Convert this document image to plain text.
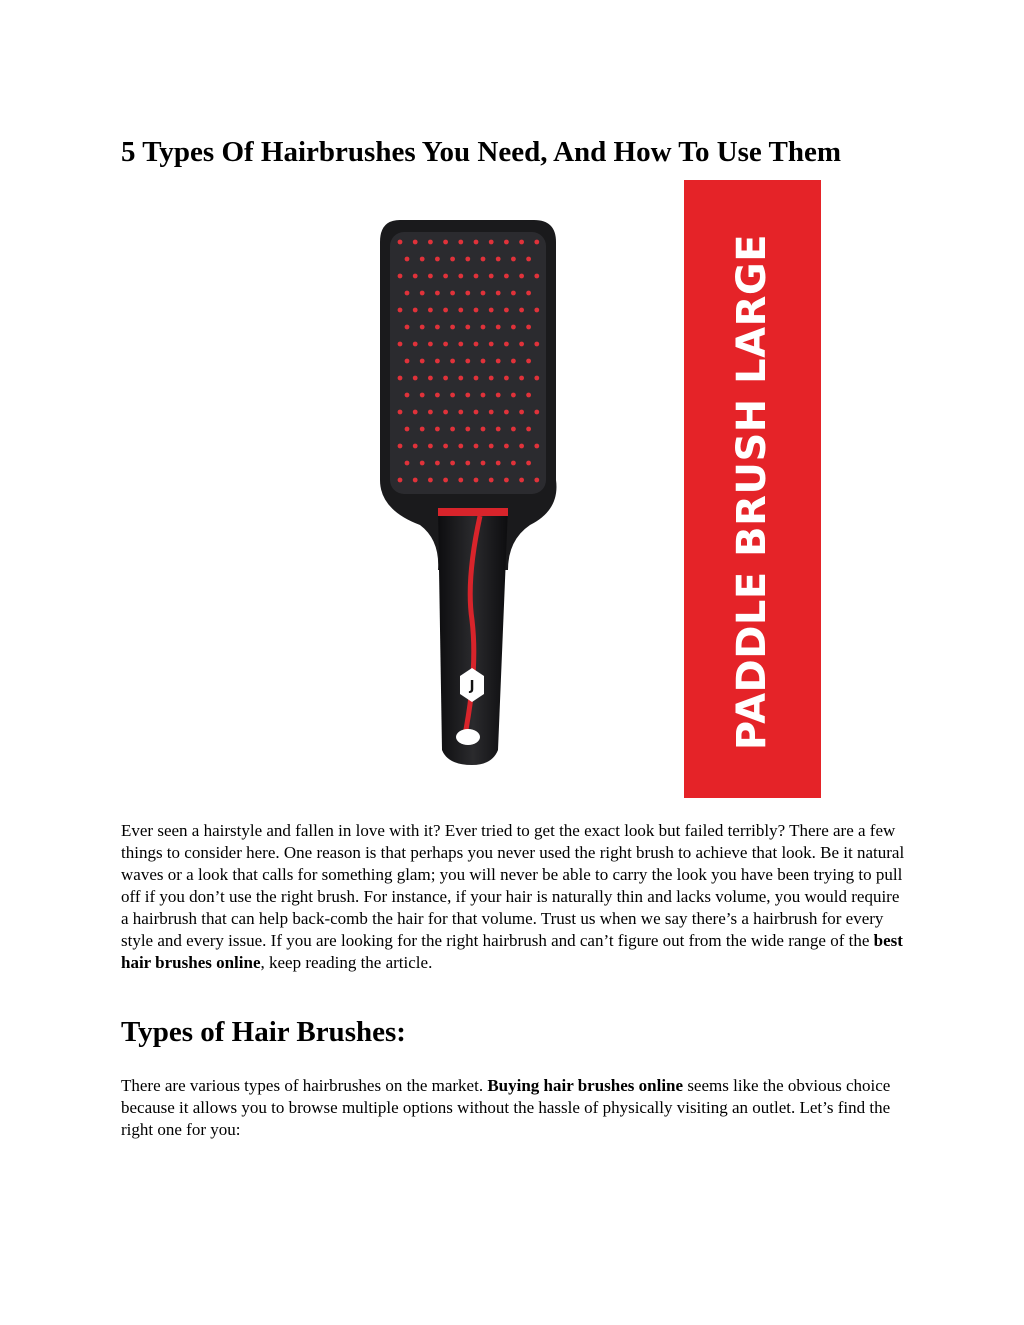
5 Types Of Hairbrushes You Need, And How To Use Them
J	PADDLE BRUSH LARGE

Ever seen a hairstyle and fallen in love with it? Ever tried to get the exact look but failed terribly? There are a few things to consider here. One reason is that perhaps you never used the right brush to achieve that look. Be it natural waves or a look that calls for something glam; you will never be able to carry the look you have been trying to pull off if you don’t use the right brush. For instance, if your hair is naturally thin and lacks volume, you would require a hairbrush that can help back-comb the hair for that volume. Trust us when we say there’s a hairbrush for every style and every issue. If you are looking for the right hairbrush and can’t figure out from the wide range of the best hair brushes online, keep reading the article.

Types of Hair Brushes:

There are various types of hairbrushes on the market. Buying hair brushes online seems like the obvious choice because it allows you to browse multiple options without the hassle of physically visiting an outlet. Let’s find the right one for you:
